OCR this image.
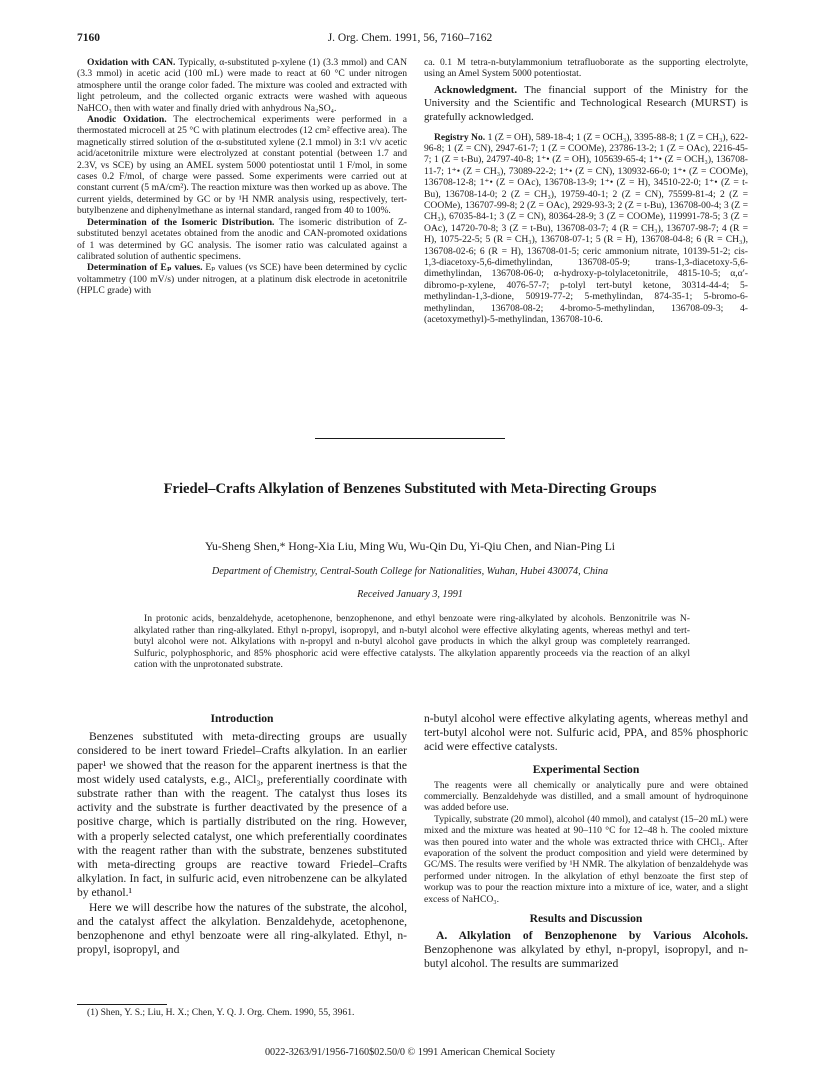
7160	J. Org. Chem. 1991, 56, 7160–7162

Oxidation with CAN. Typically, α-substituted p-xylene (1) (3.3 mmol) and CAN (3.3 mmol) in acetic acid (100 mL) were made to react at 60 °C under nitrogen atmosphere until the orange color faded. The mixture was cooled and extracted with light petroleum, and the collected organic extracts were washed with aqueous NaHCO₃ then with water and finally dried with anhydrous Na₂SO₄.

Anodic Oxidation. The electrochemical experiments were performed in a thermostated microcell at 25 °C with platinum electrodes (12 cm² effective area). The magnetically stirred solution of the α-substituted xylene (2.1 mmol) in 3:1 v/v acetic acid/acetonitrile mixture were electrolyzed at constant potential (between 1.7 and 2.3V, vs SCE) by using an AMEL system 5000 potentiostat until 1 F/mol, in some cases 0.2 F/mol, of charge were passed. Some experiments were carried out at constant current (5 mA/cm²). The reaction mixture was then worked up as above. The current yields, determined by GC or by ¹H NMR analysis using, respectively, tert-butylbenzene and diphenylmethane as internal standard, ranged from 40 to 100%.

Determination of the Isomeric Distribution. The isomeric distribution of Z-substituted benzyl acetates obtained from the anodic and CAN-promoted oxidations of 1 was determined by GC analysis. The isomer ratio was calculated against a calibrated solution of authentic specimens.

Determination of Eₚ values. Eₚ values (vs SCE) have been determined by cyclic voltammetry (100 mV/s) under nitrogen, at a platinum disk electrode in acetonitrile (HPLC grade) with

ca. 0.1 M tetra-n-butylammonium tetrafluoborate as the supporting electrolyte, using an Amel System 5000 potentiostat.

Acknowledgment. The financial support of the Ministry for the University and the Scientific and Technological Research (MURST) is gratefully acknowledged.

Registry No. 1 (Z = OH), 589-18-4; 1 (Z = OCH₃), 3395-88-8; 1 (Z = CH₃), 622-96-8; 1 (Z = CN), 2947-61-7; 1 (Z = COOMe), 23786-13-2; 1 (Z = OAc), 2216-45-7; 1 (Z = t-Bu), 24797-40-8; 1⁺• (Z = OH), 105639-65-4; 1⁺• (Z = OCH₃), 136708-11-7; 1⁺• (Z = CH₃), 73089-22-2; 1⁺• (Z = CN), 130932-66-0; 1⁺• (Z = COOMe), 136708-12-8; 1⁺• (Z = OAc), 136708-13-9; 1⁺• (Z = H), 34510-22-0; 1⁺• (Z = t-Bu), 136708-14-0; 2 (Z = CH₃), 19759-40-1; 2 (Z = CN), 75599-81-4; 2 (Z = COOMe), 136707-99-8; 2 (Z = OAc), 2929-93-3; 2 (Z = t-Bu), 136708-00-4; 3 (Z = CH₃), 67035-84-1; 3 (Z = CN), 80364-28-9; 3 (Z = COOMe), 119991-78-5; 3 (Z = OAc), 14720-70-8; 3 (Z = t-Bu), 136708-03-7; 4 (R = CH₃), 136707-98-7; 4 (R = H), 1075-22-5; 5 (R = CH₃), 136708-07-1; 5 (R = H), 136708-04-8; 6 (R = CH₃), 136708-02-6; 6 (R = H), 136708-01-5; ceric ammonium nitrate, 10139-51-2; cis-1,3-diacetoxy-5,6-dimethylindan, 136708-05-9; trans-1,3-diacetoxy-5,6-dimethylindan, 136708-06-0; α-hydroxy-p-tolylacetonitrile, 4815-10-5; α,α′-dibromo-p-xylene, 4076-57-7; p-tolyl tert-butyl ketone, 30314-44-4; 5-methylindan-1,3-dione, 50919-77-2; 5-methylindan, 874-35-1; 5-bromo-6-methylindan, 136708-08-2; 4-bromo-5-methylindan, 136708-09-3; 4-(acetoxymethyl)-5-methylindan, 136708-10-6.

Friedel–Crafts Alkylation of Benzenes Substituted with Meta-Directing Groups
Yu-Sheng Shen,* Hong-Xia Liu, Ming Wu, Wu-Qin Du, Yi-Qiu Chen, and Nian-Ping Li
Department of Chemistry, Central-South College for Nationalities, Wuhan, Hubei 430074, China
Received January 3, 1991
In protonic acids, benzaldehyde, acetophenone, benzophenone, and ethyl benzoate were ring-alkylated by alcohols. Benzonitrile was N-alkylated rather than ring-alkylated. Ethyl n-propyl, isopropyl, and n-butyl alcohol were effective alkylating agents, whereas methyl and tert-butyl alcohol were not. Alkylations with n-propyl and n-butyl alcohol gave products in which the alkyl group was completely rearranged. Sulfuric, polyphosphoric, and 85% phosphoric acid were effective catalysts. The alkylation apparently proceeds via the reaction of an alkyl cation with the unprotonated substrate.
Introduction

Benzenes substituted with meta-directing groups are usually considered to be inert toward Friedel–Crafts alkylation. In an earlier paper¹ we showed that the reason for the apparent inertness is that the most widely used catalysts, e.g., AlCl₃, preferentially coordinate with substrate rather than with the reagent. The catalyst thus loses its activity and the substrate is further deactivated by the presence of a positive charge, which is partially distributed on the ring. However, with a properly selected catalyst, one which preferentially coordinates with the reagent rather than with the substrate, benzenes substituted with meta-directing groups are reactive toward Friedel–Crafts alkylation. In fact, in sulfuric acid, even nitrobenzene can be alkylated by ethanol.¹

Here we will describe how the natures of the substrate, the alcohol, and the catalyst affect the alkylation. Benzaldehyde, acetophenone, benzophenone and ethyl benzoate were all ring-alkylated. Ethyl, n-propyl, isopropyl, and

n-butyl alcohol were effective alkylating agents, whereas methyl and tert-butyl alcohol were not. Sulfuric acid, PPA, and 85% phosphoric acid were effective catalysts.

Experimental Section

The reagents were all chemically or analytically pure and were obtained commercially. Benzaldehyde was distilled, and a small amount of hydroquinone was added before use.

Typically, substrate (20 mmol), alcohol (40 mmol), and catalyst (15–20 mL) were mixed and the mixture was heated at 90–110 °C for 12–48 h. The cooled mixture was then poured into water and the whole was extracted thrice with CHCl₃. After evaporation of the solvent the product composition and yield were determined by GC/MS. The results were verified by ¹H NMR. The alkylation of benzaldehyde was performed under nitrogen. In the alkylation of ethyl benzoate the first step of workup was to pour the reaction mixture into a mixture of ice, water, and a slight excess of NaHCO₃.

Results and Discussion

A. Alkylation of Benzophenone by Various Alcohols. Benzophenone was alkylated by ethyl, n-propyl, isopropyl, and n-butyl alcohol. The results are summarized

(1) Shen, Y. S.; Liu, H. X.; Chen, Y. Q. J. Org. Chem. 1990, 55, 3961.
0022-3263/91/1956-7160$02.50/0 © 1991 American Chemical Society
